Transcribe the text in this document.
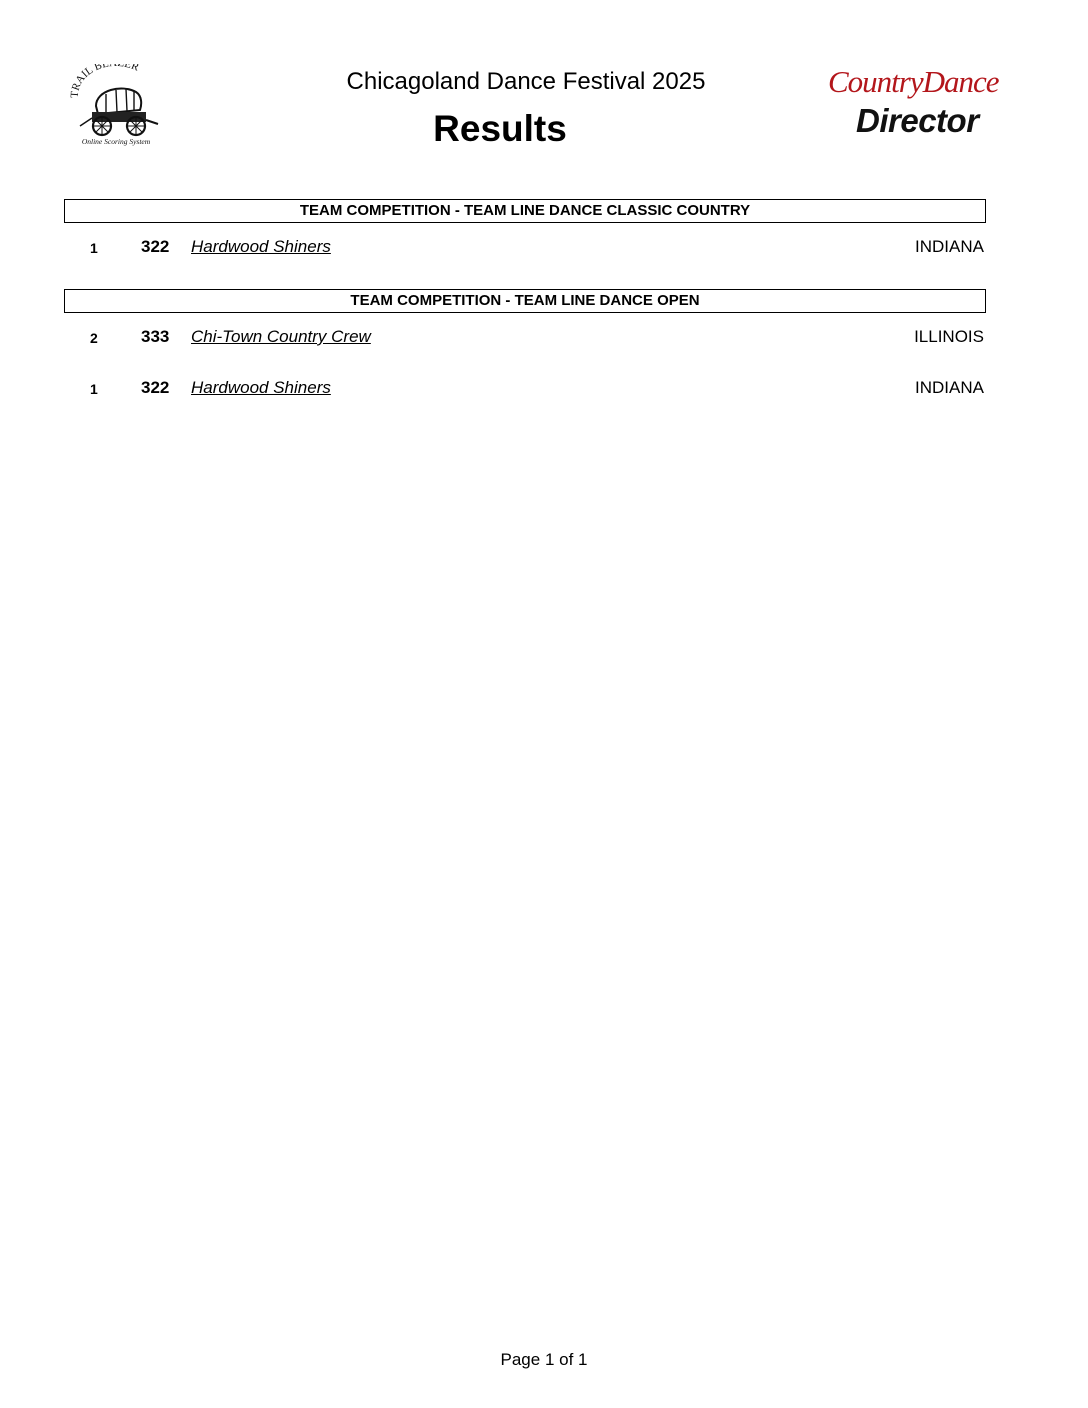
TRAIL BL ER
Online Scoring System
Chicagoland Dance Festival 2025
Results
CountryDance
Director
TEAM COMPETITION - TEAM LINE DANCE CLASSIC COUNTRY
1	322 Hardwood Shiners	INDIANA
TEAM COMPETITION - TEAM LINE DANCE OPEN
2	333 Chi-Town Country Crew	ILLINOIS
1	322 Hardwood Shiners	INDIANA
Page 1 of 1
